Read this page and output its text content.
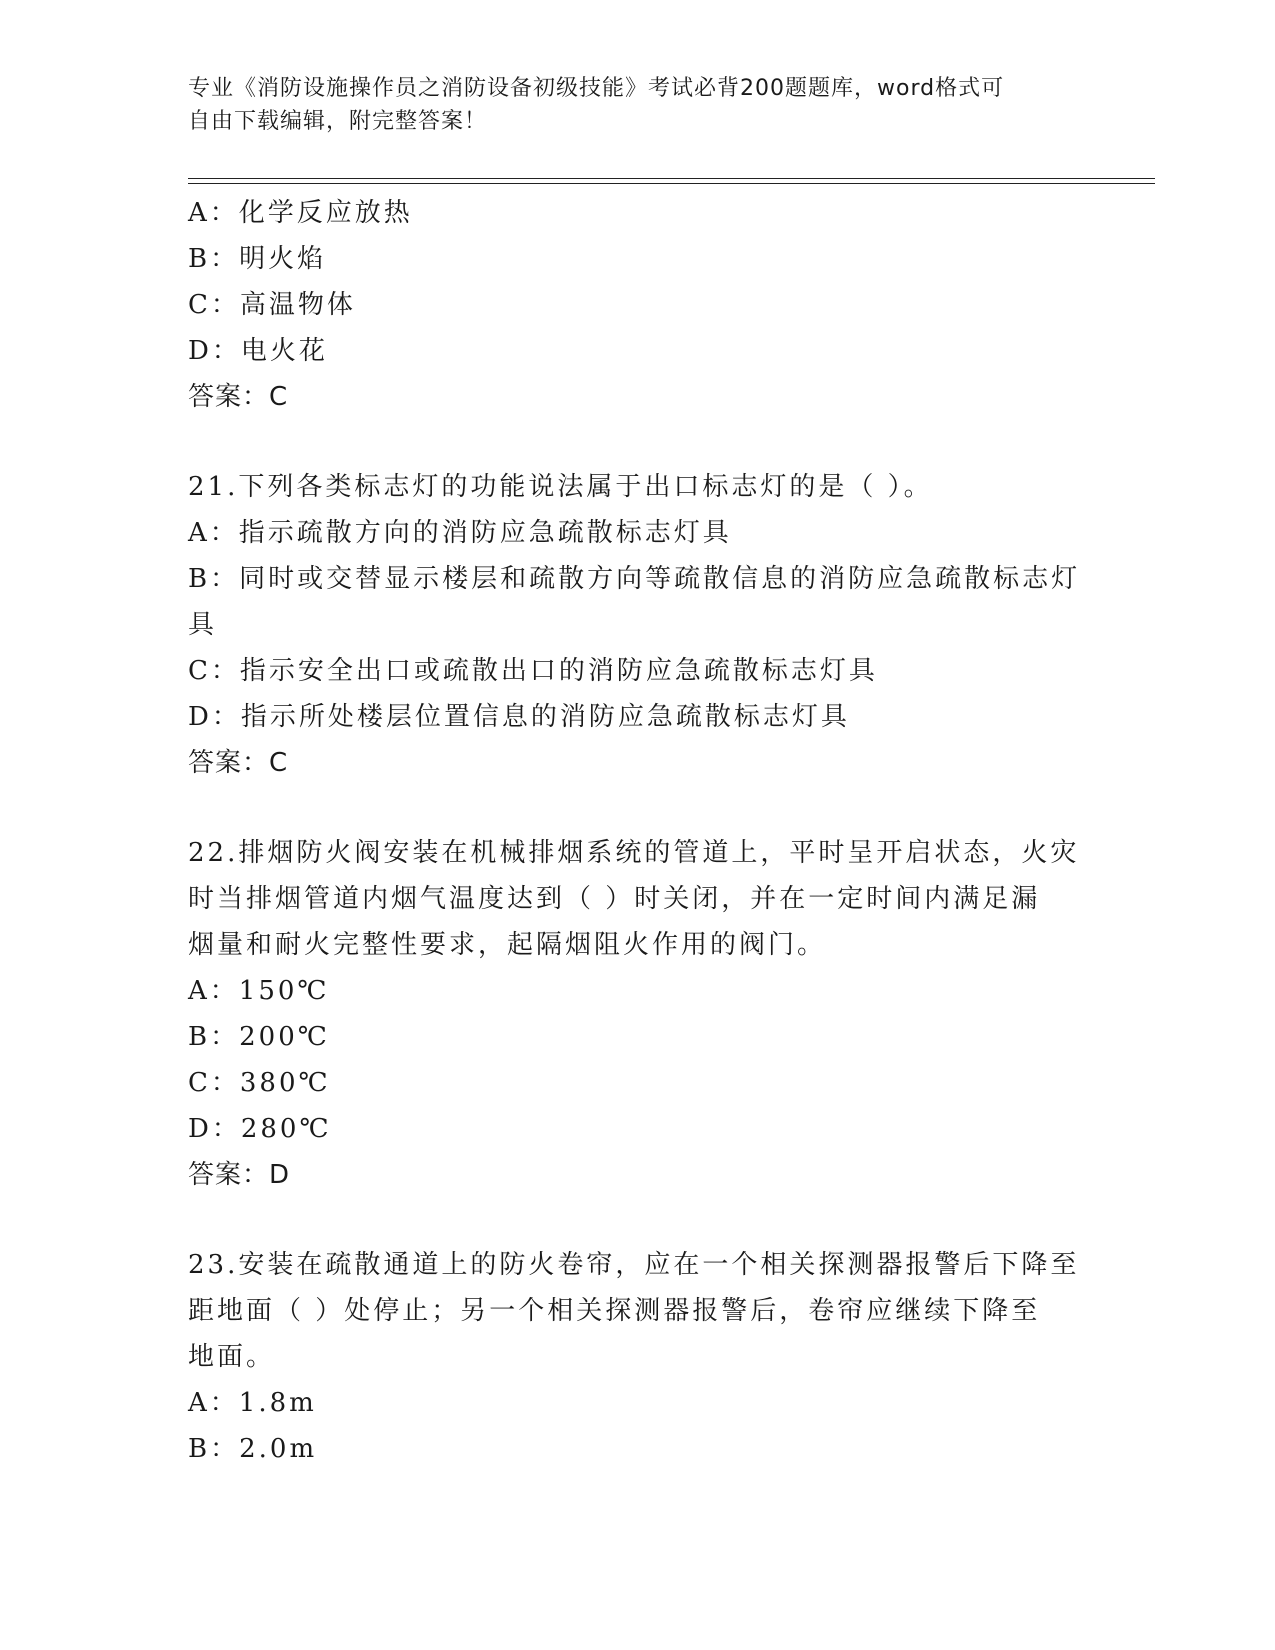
专业《消防设施操作员之消防设备初级技能》考试必背200题题库，word格式可
自由下载编辑，附完整答案！
A：化学反应放热
B：明火焰
C：高温物体
D：电火花
答案：C
21.下列各类标志灯的功能说法属于出口标志灯的是（ ）。
A：指示疏散方向的消防应急疏散标志灯具
B：同时或交替显示楼层和疏散方向等疏散信息的消防应急疏散标志灯
具
C：指示安全出口或疏散出口的消防应急疏散标志灯具
D：指示所处楼层位置信息的消防应急疏散标志灯具
答案：C
22.排烟防火阀安装在机械排烟系统的管道上，平时呈开启状态，火灾
时当排烟管道内烟气温度达到（ ）时关闭，并在一定时间内满足漏
烟量和耐火完整性要求，起隔烟阻火作用的阀门。
A：150℃
B：200℃
C：380℃
D：280℃
答案：D
23.安装在疏散通道上的防火卷帘，应在一个相关探测器报警后下降至
距地面（ ）处停止；另一个相关探测器报警后，卷帘应继续下降至
地面。
A：1.8m
B：2.0m
